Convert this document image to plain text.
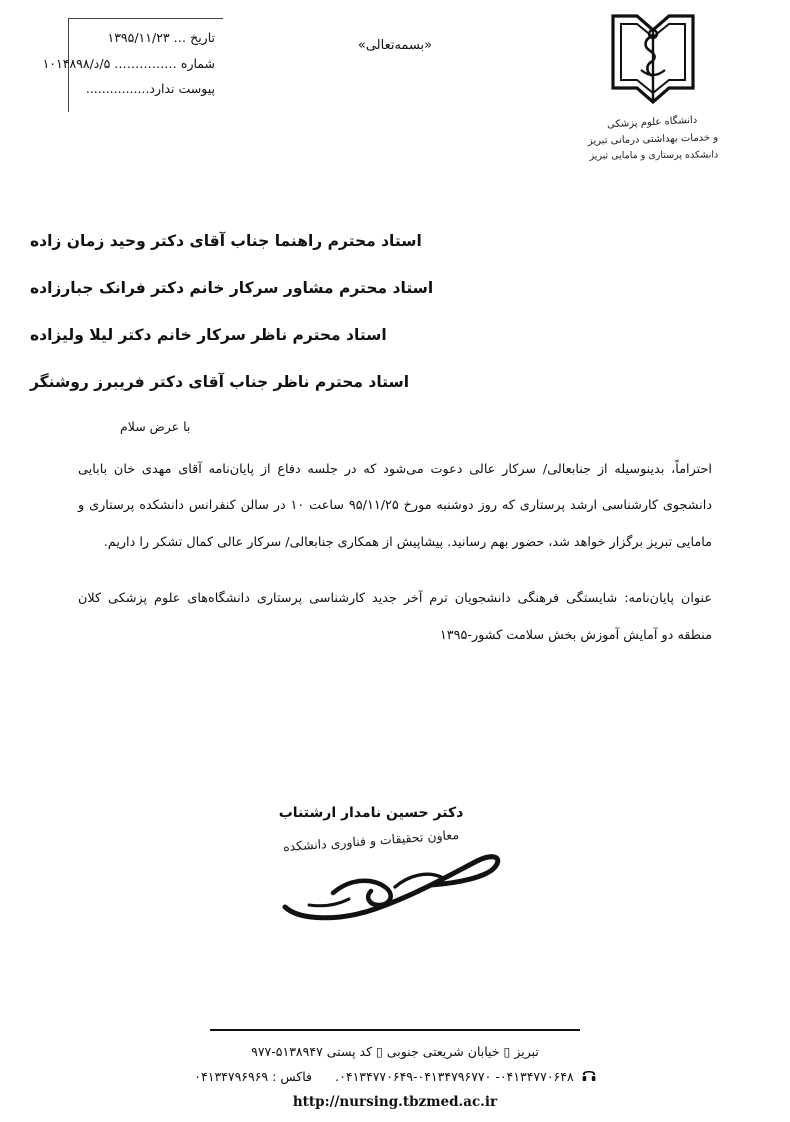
تاریخ ... ۱۳۹۵/۱۱/۲۳
شماره ............... ۵/د/۱۰۱۴۸۹۸
پیوست ندارد................
«بسمه‌تعالی»
دانشگاه علوم پزشکی
و خدمات بهداشتی درمانی تبریز
دانشکده پرستاری و مامایی تبریز
استاد محترم راهنما جناب آقای دکتر وحید زمان زاده
استاد محترم مشاور سرکار خانم دکتر فرانک جبارزاده
استاد محترم ناظر سرکار خانم دکتر لیلا ولیزاده
استاد محترم ناظر جناب آقای دکتر فریبرز روشنگر
با عرض سلام

احتراماً، بدینوسیله از جنابعالی/ سرکار عالی دعوت می‌شود که در جلسه دفاع از پایان‌نامه آقای مهدی خان بابایی دانشجوی کارشناسی ارشد پرستاری که روز دوشنبه مورخ ۹۵/۱۱/۲۵ ساعت ۱۰ در سالن کنفرانس دانشکده پرستاری و مامایی تبریز برگزار خواهد شد، حضور بهم رسانید. پیشاپیش از همکاری جنابعالی/ سرکار عالی کمال تشکر را داریم.

عنوان پایان‌نامه: شایستگی فرهنگی دانشجویان ترم آخر جدید کارشناسی پرستاری دانشگاه‌های علوم پزشکی کلان منطقه دو آمایش آموزش بخش سلامت کشور-۱۳۹۵

دکتر حسین نامدار ارشتناب
معاون تحقیقات و فناوری دانشکده
تبریز ▯ خیابان شریعتی جنوبی ▯ کد پستی ۵۱۳۸۹۴۷-۹۷۷
۰۴۱۳۴۷۷۰۶۴۸- ۰۴۱۳۴۷۷۰۶۴۹-۰۴۱۳۴۷۹۶۷۷۰.   فاکس : ۰۴۱۳۴۷۹۶۹۶۹
http://nursing.tbzmed.ac.ir
